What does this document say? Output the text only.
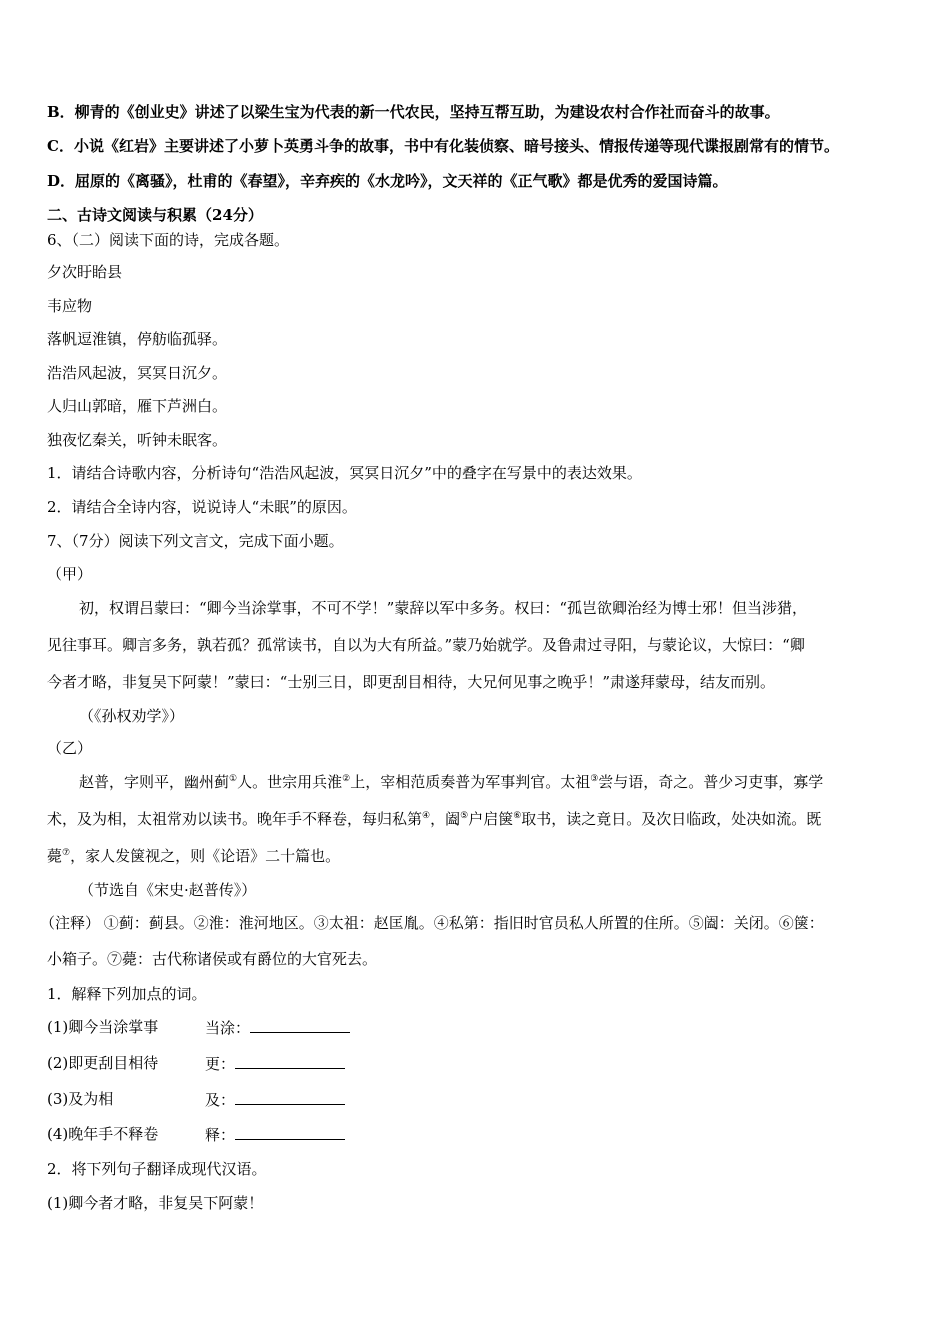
B．柳青的《创业史》讲述了以梁生宝为代表的新一代农民，坚持互帮互助，为建设农村合作社而奋斗的故事。
C．小说《红岩》主要讲述了小萝卜英勇斗争的故事，书中有化装侦察、暗号接头、情报传递等现代谍报剧常有的情节。
D．屈原的《离骚》，杜甫的《春望》，辛弃疾的《水龙吟》，文天祥的《正气歌》都是优秀的爱国诗篇。
二、古诗文阅读与积累（24分）
6、（二）阅读下面的诗，完成各题。
夕次盱眙县
韦应物
落帆逗淮镇，停舫临孤驿。
浩浩风起波，冥冥日沉夕。
人归山郭暗，雁下芦洲白。
独夜忆秦关，听钟未眠客。
1．请结合诗歌内容，分析诗句“浩浩风起波，冥冥日沉夕”中的叠字在写景中的表达效果。
2．请结合全诗内容，说说诗人“未眠”的原因。
7、（7分）阅读下列文言文，完成下面小题。
（甲）
初，权谓吕蒙曰：“卿今当涂掌事，不可不学！”蒙辞以军中多务。权曰：“孤岂欲卿治经为博士邪！但当涉猎，
见往事耳。卿言多务，孰若孤？孤常读书，自以为大有所益。”蒙乃始就学。及鲁肃过寻阳，与蒙论议，大惊曰：“卿
今者才略，非复吴下阿蒙！”蒙曰：“士别三日，即更刮目相待，大兄何见事之晚乎！”肃遂拜蒙母，结友而别。
（《孙权劝学》）
（乙）
赵普，字则平，幽州蓟①人。世宗用兵淮②上，宰相范质奏普为军事判官。太祖③尝与语，奇之。普少习吏事，寡学
术，及为相，太祖常劝以读书。晚年手不释卷，每归私第④，阖⑤户启箧⑥取书，读之竟日。及次日临政，处决如流。既
薨⑦，家人发箧视之，则《论语》二十篇也。
（节选自《宋史·赵普传》）
（注释） ①蓟：蓟县。②淮：淮河地区。③太祖：赵匡胤。④私第：指旧时官员私人所置的住所。⑤阖：关闭。⑥箧：
小箱子。⑦薨：古代称诸侯或有爵位的大官死去。
1．解释下列加点的词。
(1)卿今当涂掌事	当涂：
(2)即更刮目相待	更：
(3)及为相	及：
(4)晚年手不释卷	释：
2．将下列句子翻译成现代汉语。
(1)卿今者才略，非复吴下阿蒙！
